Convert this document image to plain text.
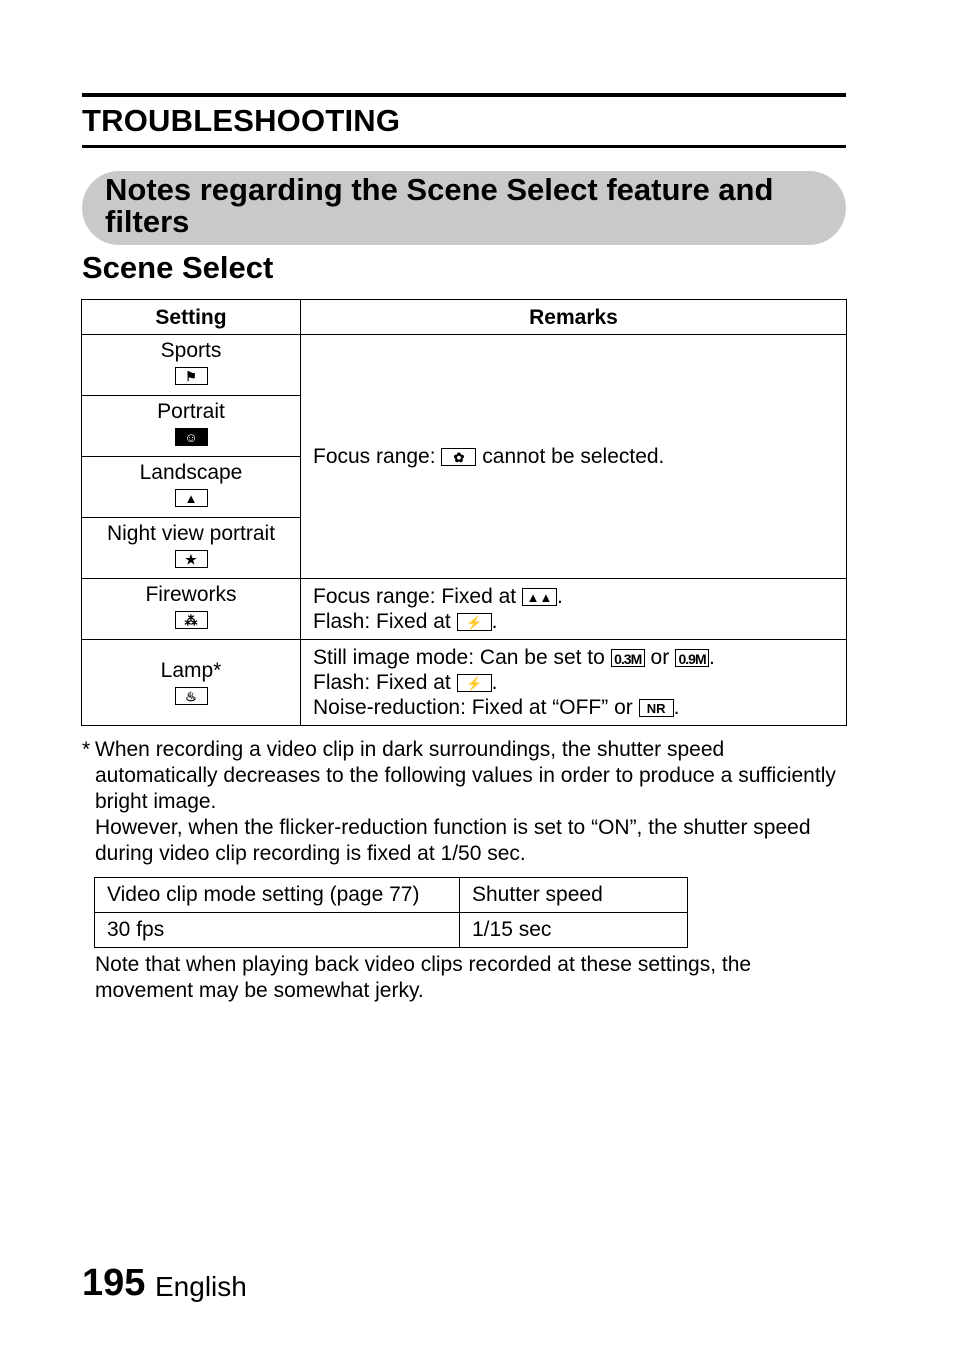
TROUBLESHOOTING
Notes regarding the Scene Select feature and filters
Scene Select
Setting	Remarks

Sports
⚑	Focus range: ✿ cannot be selected.

Portrait
☺	

Landscape
▲	

Night view portrait
★	

Fireworks
⁂	Focus range: Fixed at ▲▲ .
Flash: Fixed at ⚡ .

Lamp*
♨	Still image mode: Can be set to 0.3M or 0.9M .
Flash: Fixed at ⚡ .
Noise-reduction: Fixed at “OFF” or NR .
* When recording a video clip in dark surroundings, the shutter speed automatically decreases to the following values in order to produce a sufficiently bright image.

However, when the flicker-reduction function is set to “ON”, the shutter speed during video clip recording is fixed at 1/50 sec.

Video clip mode setting (page 77)	Shutter speed
30 fps	1/15 sec
Note that when playing back video clips recorded at these settings, the movement may be somewhat jerky.
195 English
